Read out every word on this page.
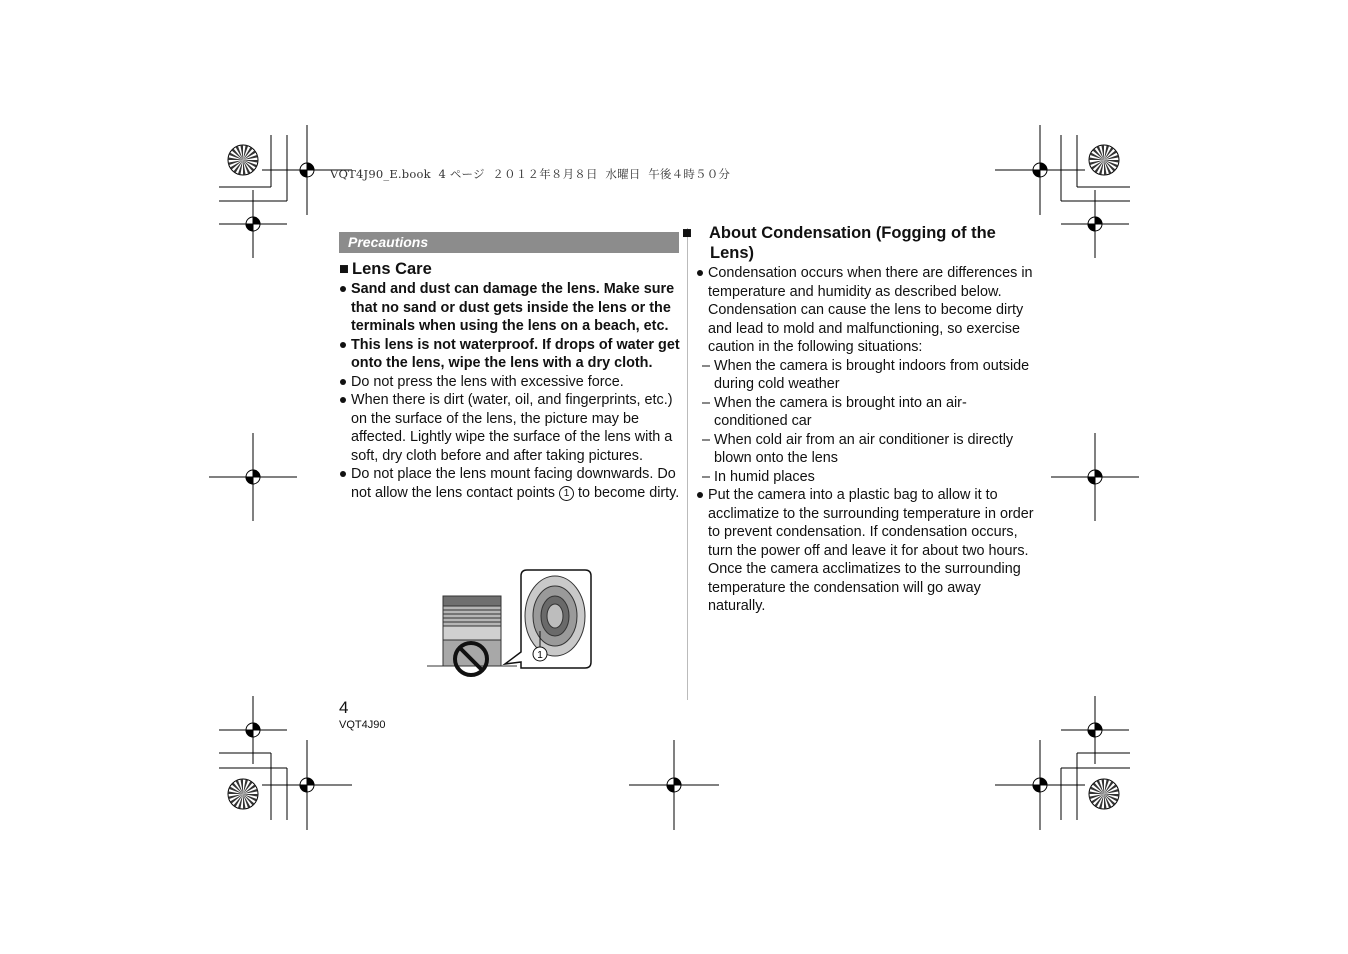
VQT4J90_E.book  4 ページ  ２０１２年８月８日  水曜日  午後４時５０分
Precautions
■ Lens Care
Sand and dust can damage the lens. Make sure that no sand or dust gets inside the lens or the terminals when using the lens on a beach, etc.
This lens is not waterproof. If drops of water get onto the lens, wipe the lens with a dry cloth.
Do not press the lens with excessive force.
When there is dirt (water, oil, and fingerprints, etc.) on the surface of the lens, the picture may be affected. Lightly wipe the surface of the lens with a soft, dry cloth before and after taking pictures.
Do not place the lens mount facing downwards. Do not allow the lens contact points 1 to become dirty.
1
■ About Condensation (Fogging of the Lens)
Condensation occurs when there are differences in temperature and humidity as described below. Condensation can cause the lens to become dirty and lead to mold and malfunctioning, so exercise caution in the following situations:
– When the camera is brought indoors from outside during cold weather
– When the camera is brought into an air-conditioned car
– When cold air from an air conditioner is directly blown onto the lens
– In humid places
Put the camera into a plastic bag to allow it to acclimatize to the surrounding temperature in order to prevent condensation. If condensation occurs, turn the power off and leave it for about two hours. Once the camera acclimatizes to the surrounding temperature the condensation will go away naturally.
4
VQT4J90
